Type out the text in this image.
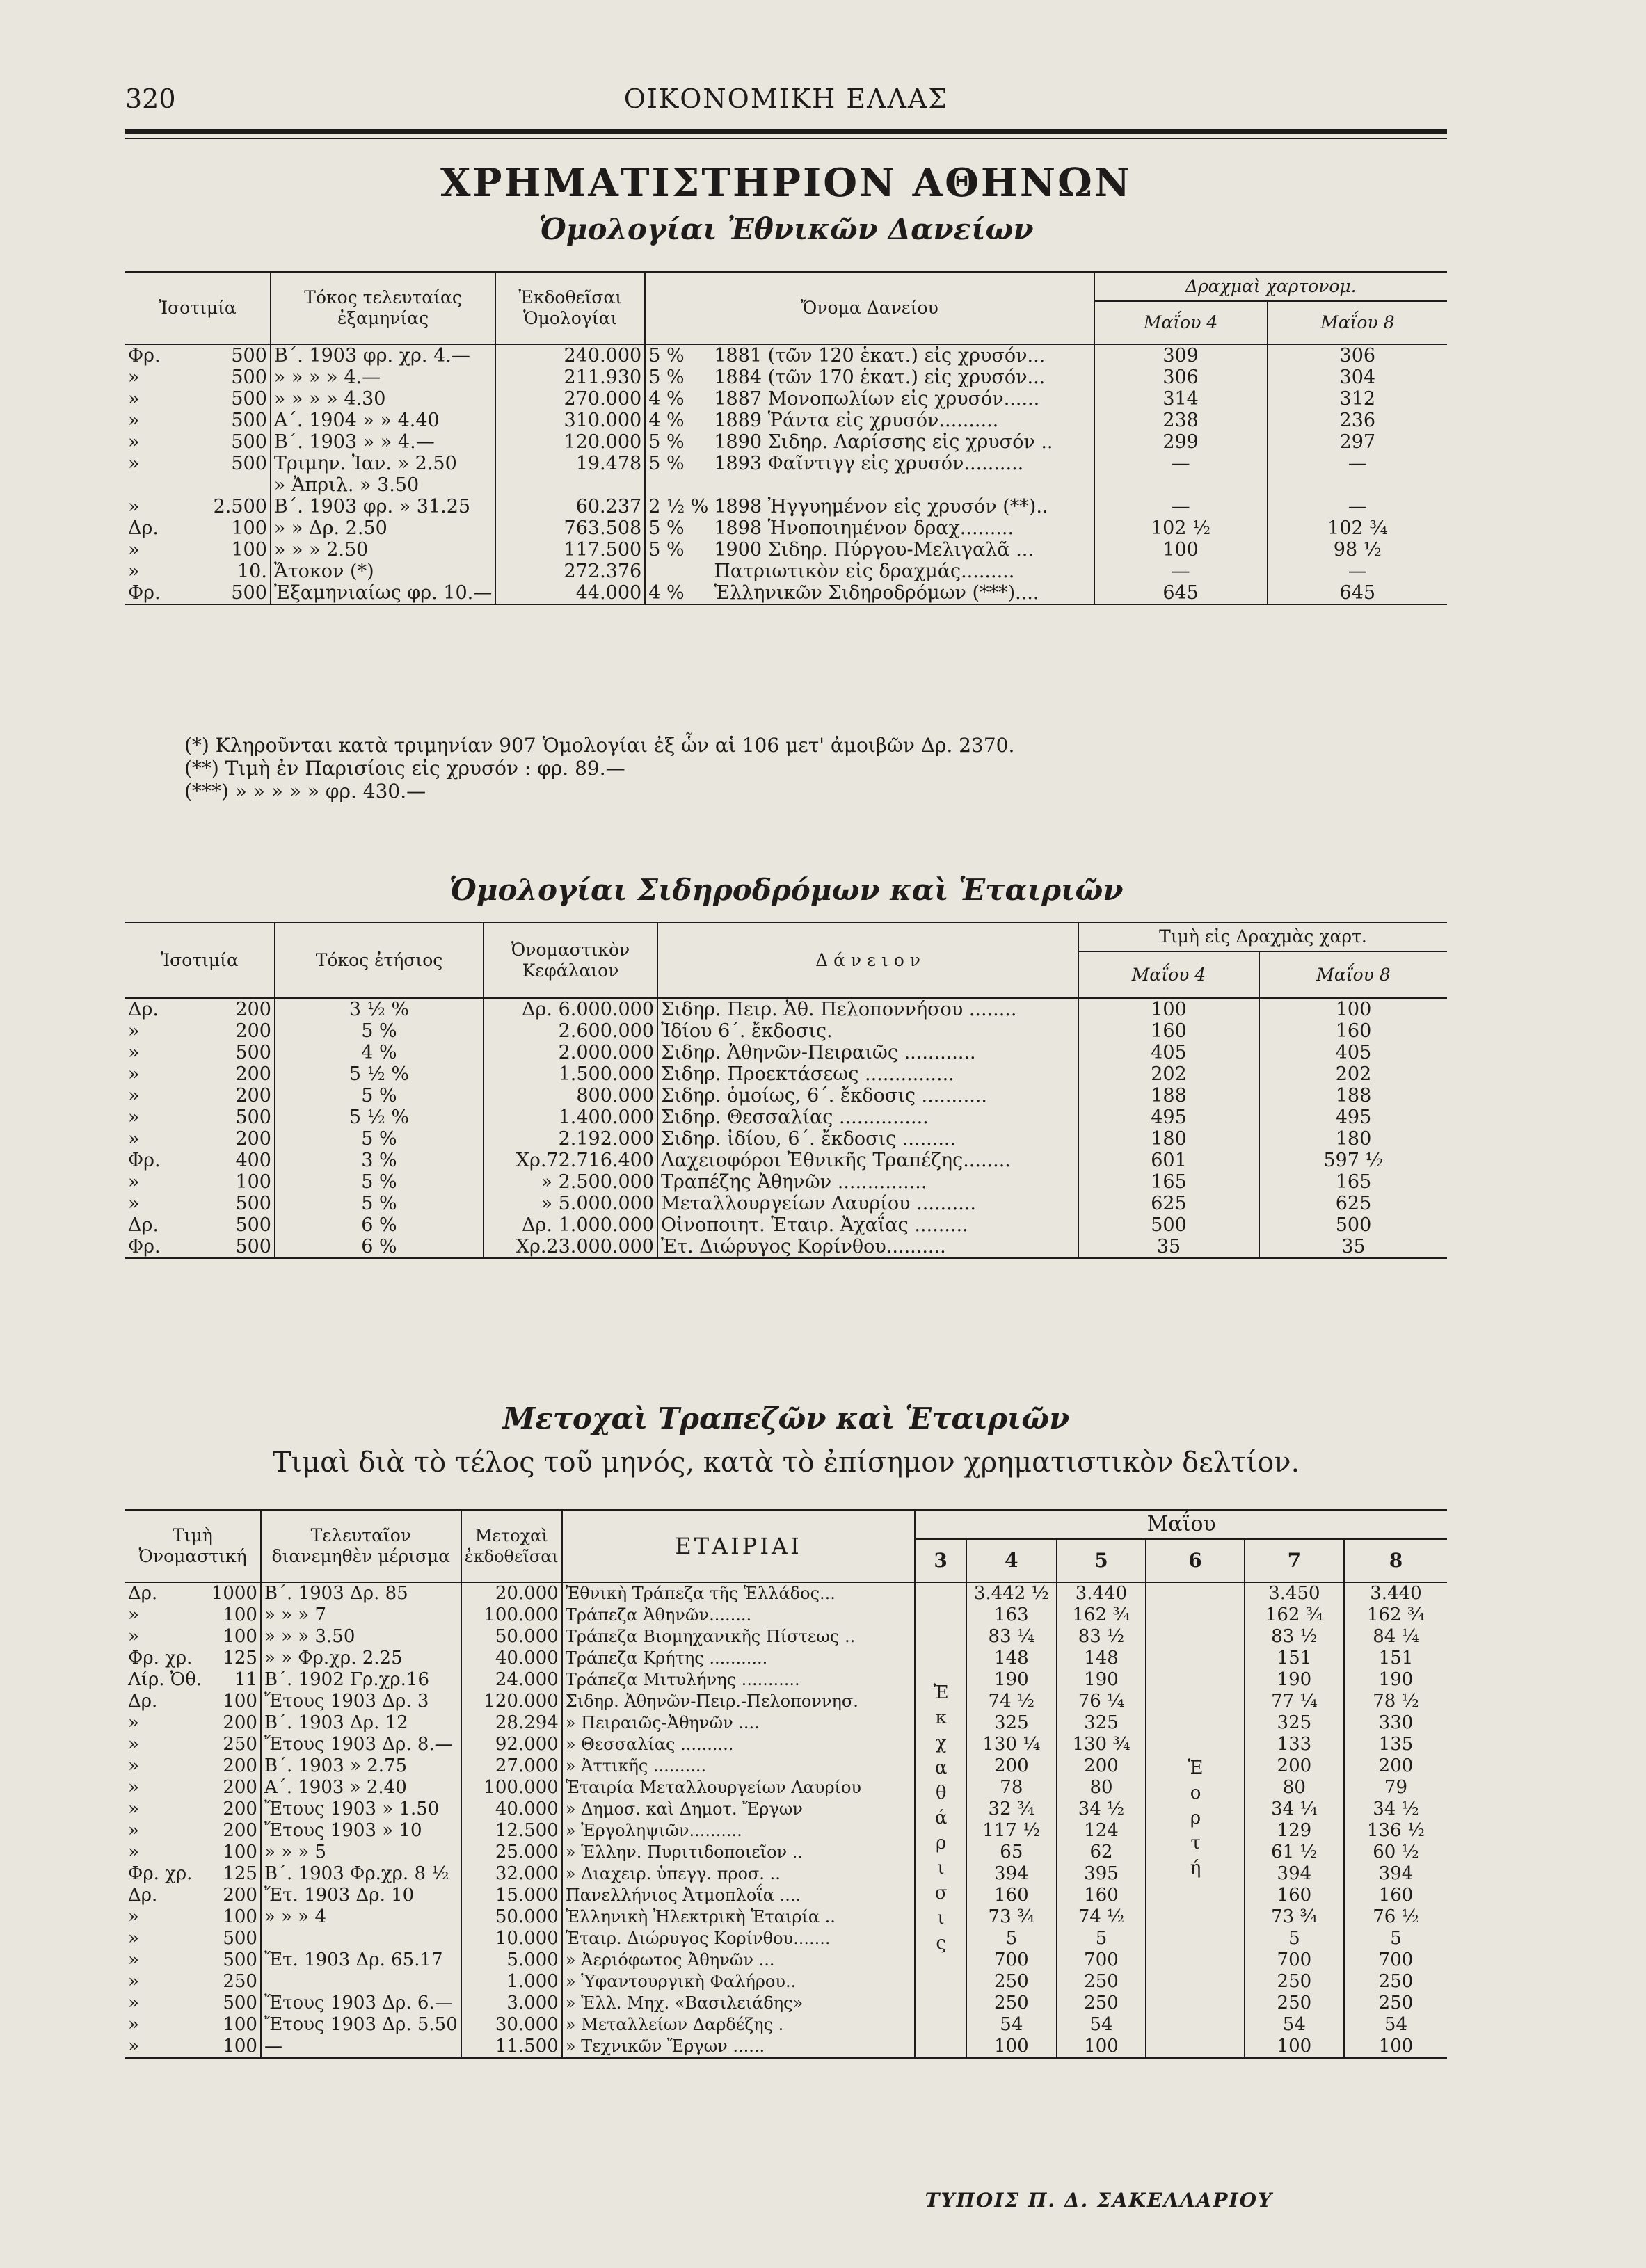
320	ΟΙΚΟΝΟΜΙΚΗ ΕΛΛΑΣ
ΧΡΗΜΑΤΙΣΤΗΡΙΟΝ ΑΘΗΝΩΝ
Ὁμολογίαι Ἐθνικῶν Δανείων
Ἰσοτιμία		Τόκος τελευταίας ἐξαμηνίας	Ἐκδοθεῖσαι Ὁμολογίαι	Ὄνομα Δανείου		Δραχμαὶ χαρτονομ.	
						Μαΐου 4	Μαΐου 8
Φρ.	500	Β΄. 1903 φρ. χρ. 4.—	240.000	5 %	1881 (τῶν 120 ἑκατ.) εἰς χρυσόν...	309	306
»	500	» » » » 4.—	211.930	5 %	1884 (τῶν 170 ἑκατ.) εἰς χρυσόν...	306	304
»	500	» » » » 4.30	270.000	4 %	1887 Μονοπωλίων εἰς χρυσόν......	314	312
»	500	Α΄. 1904 » » 4.40	310.000	4 %	1889 Ῥάντα εἰς χρυσόν..........	238	236
»	500	Β΄. 1903 » » 4.—	120.000	5 %	1890 Σιδηρ. Λαρίσσης εἰς χρυσόν ..	299	297
»	500	Τριμην. Ἰαν. » 2.50	19.478	5 %	1893 Φαῖντιγγ εἰς χρυσόν..........	—	—
		» Ἀπριλ. » 3.50					
»	2.500	Β΄. 1903 φρ. » 31.25	60.237	2 ½ %	1898 Ἠγγυημένον εἰς χρυσόν (**)..	—	—
Δρ.	100	» » Δρ. 2.50	763.508	5 %	1898 Ἡνοποιημένον δραχ.........	102 ½	102 ¾
»	100	» » » 2.50	117.500	5 %	1900 Σιδηρ. Πύργου-Μελιγαλᾶ ...	100	98 ½
»	10.	Ἄτοκον (*)	272.376		Πατριωτικὸν εἰς δραχμάς.........	—	—
Φρ.	500	Ἐξαμηνιαίως φρ. 10.—	44.000	4 %	Ἑλληνικῶν Σιδηροδρόμων (***)....	645	645
(*) Κληροῦνται κατὰ τριμηνίαν 907 Ὁμολογίαι ἐξ ὧν αἱ 106 μετ' ἀμοιβῶν Δρ. 2370.
(**) Τιμὴ ἐν Παρισίοις εἰς χρυσόν : φρ. 89.—
(***) » » » » » φρ. 430.—
Ὁμολογίαι Σιδηροδρόμων καὶ Ἑταιριῶν
Ἰσοτιμία		Τόκος ἐτήσιος	Ὀνομαστικὸν Κεφάλαιον	Δ ά ν ε ι ο ν	Τιμὴ εἰς Δραχμὰς χαρτ.	
					Μαΐου 4	Μαΐου 8
Δρ.	200	3 ½ %	Δρ. 6.000.000	Σιδηρ. Πειρ. Ἀθ. Πελοποννήσου ........	100	100
»	200	5 %	2.600.000	Ἰδίου 6΄. ἔκδοσις.	160	160
»	500	4 %	2.000.000	Σιδηρ. Ἀθηνῶν-Πειραιῶς ............	405	405
»	200	5 ½ %	1.500.000	Σιδηρ. Προεκτάσεως ...............	202	202
»	200	5 %	800.000	Σιδηρ. ὁμοίως, 6΄. ἔκδοσις ...........	188	188
»	500	5 ½ %	1.400.000	Σιδηρ. Θεσσαλίας ...............	495	495
»	200	5 %	2.192.000	Σιδηρ. ἰδίου, 6΄. ἔκδοσις .........	180	180
Φρ.	400	3 %	Χρ.72.716.400	Λαχειοφόροι Ἐθνικῆς Τραπέζης........	601	597 ½
»	100	5 %	» 2.500.000	Τραπέζης Ἀθηνῶν ...............	165	165
»	500	5 %	» 5.000.000	Μεταλλουργείων Λαυρίου ..........	625	625
Δρ.	500	6 %	Δρ. 1.000.000	Οἰνοποιητ. Ἑταιρ. Ἀχαΐας .........	500	500
Φρ.	500	6 %	Χρ.23.000.000	Ἐτ. Διώρυγος Κορίνθου..........	35	35
Μετοχαὶ Τραπεζῶν καὶ Ἑταιριῶν
Τιμαὶ διὰ τὸ τέλος τοῦ μηνός, κατὰ τὸ ἐπίσημον χρηματιστικὸν δελτίον.
Τιμὴ Ὀνομαστική		Τελευταῖον διανεμηθὲν μέρισμα	Μετοχαὶ ἐκδοθεῖσαι	ΕΤΑΙΡΙΑΙ	Μαΐου					
					3	4	5	6	7	8
Δρ.	1000	Β΄. 1903 Δρ. 85	20.000	Ἐθνικὴ Τράπεζα τῆς Ἑλλάδος...	Ἐκχαθάρισις	3.442 ½	3.440	Ἑορτή	3.450	3.440
»	100	» » » 7	100.000	Τράπεζα Ἀθηνῶν........		163	162 ¾		162 ¾	162 ¾
»	100	» » » 3.50	50.000	Τράπεζα Βιομηχανικῆς Πίστεως ..		83 ¼	83 ½		83 ½	84 ¼
Φρ. χρ.	125	» » Φρ.χρ. 2.25	40.000	Τράπεζα Κρήτης ...........		148	148		151	151
Λίρ. Ὀθ.	11	Β΄. 1902 Γρ.χρ.16	24.000	Τράπεζα Μιτυλήνης ...........		190	190		190	190
Δρ.	100	Ἔτους 1903 Δρ. 3	120.000	Σιδηρ. Ἀθηνῶν-Πειρ.-Πελοποννησ.		74 ½	76 ¼		77 ¼	78 ½
»	200	Β΄. 1903 Δρ. 12	28.294	» Πειραιῶς-Ἀθηνῶν ....		325	325		325	330
»	250	Ἔτους 1903 Δρ. 8.—	92.000	» Θεσσαλίας ..........		130 ¼	130 ¾		133	135
»	200	Β΄. 1903 » 2.75	27.000	» Ἀττικῆς ..........		200	200		200	200
»	200	Α΄. 1903 » 2.40	100.000	Ἑταιρία Μεταλλουργείων Λαυρίου		78	80		80	79
»	200	Ἔτους 1903 » 1.50	40.000	» Δημοσ. καὶ Δημοτ. Ἔργων		32 ¾	34 ½		34 ¼	34 ½
»	200	Ἔτους 1903 » 10	12.500	» Ἐργοληψιῶν..........		117 ½	124		129	136 ½
»	100	» » » 5	25.000	» Ἑλλην. Πυριτιδοποιεῖον ..		65	62		61 ½	60 ½
Φρ. χρ.	125	Β΄. 1903 Φρ.χρ. 8 ½	32.000	» Διαχειρ. ὑπεγγ. προσ. ..		394	395		394	394
Δρ.	200	Ἔτ. 1903 Δρ. 10	15.000	Πανελλήνιος Ἀτμοπλοΐα ....		160	160		160	160
»	100	» » » 4	50.000	Ἑλληνικὴ Ἠλεκτρικὴ Ἑταιρία ..		73 ¾	74 ½		73 ¾	76 ½
»	500		10.000	Ἑταιρ. Διώρυγος Κορίνθου.......		5	5		5	5
»	500	Ἔτ. 1903 Δρ. 65.17	5.000	» Ἀεριόφωτος Ἀθηνῶν ...		700	700		700	700
»	250		1.000	» Ὑφαντουργικὴ Φαλήρου..		250	250		250	250
»	500	Ἔτους 1903 Δρ. 6.—	3.000	» Ἑλλ. Μηχ. «Βασιλειάδης»		250	250		250	250
»	100	Ἔτους 1903 Δρ. 5.50	30.000	» Μεταλλείων Δαρδέζης .		54	54		54	54
»	100	—	11.500	» Τεχνικῶν Ἔργων ......		100	100		100	100
ΤΥΠΟΙΣ Π. Δ. ΣΑΚΕΛΛΑΡΙΟΥ
